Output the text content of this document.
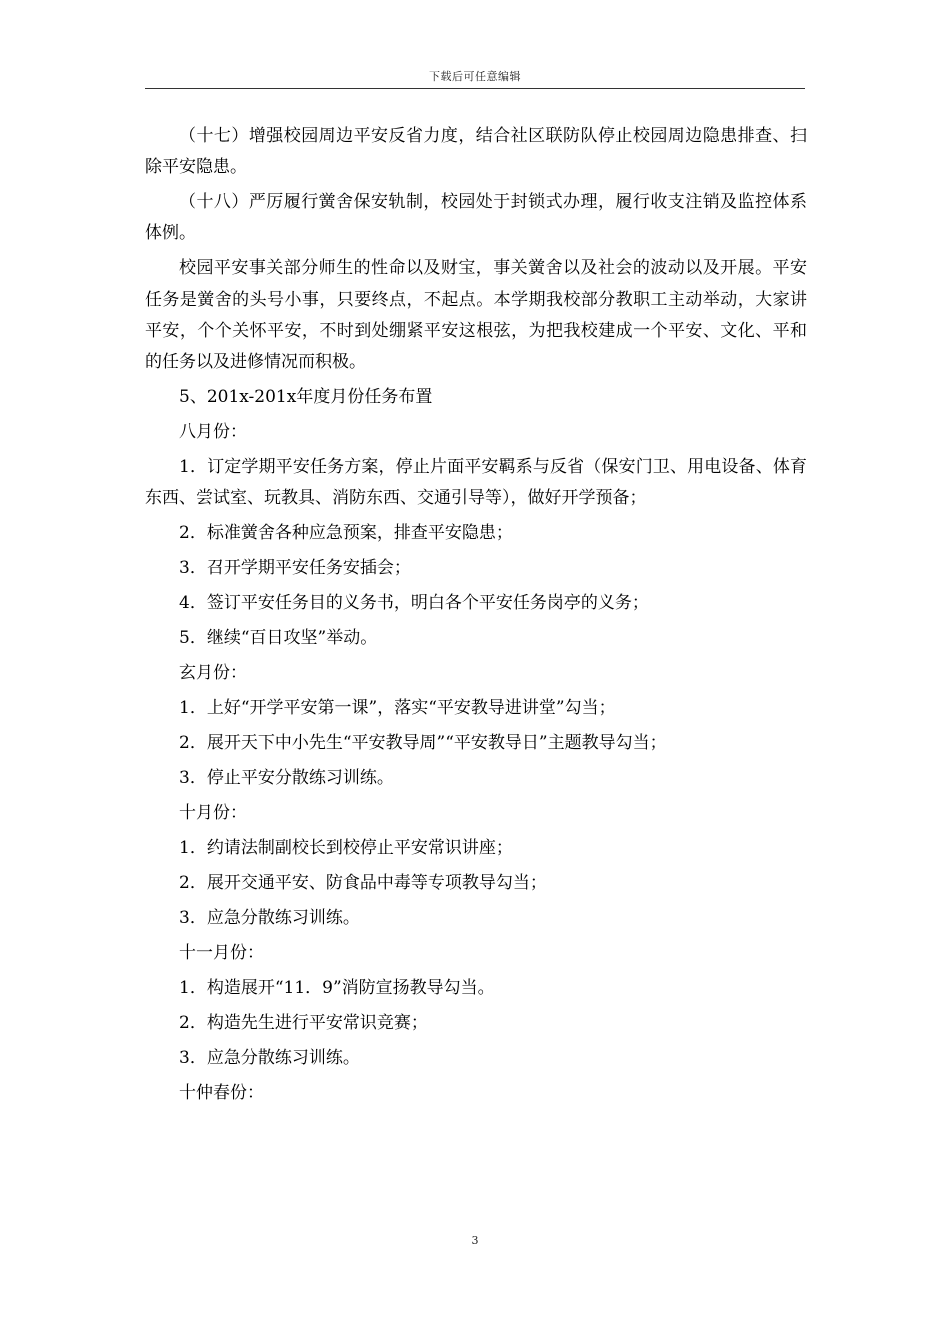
下载后可任意编辑

（十七）增强校园周边平安反省力度，结合社区联防队停止校园周边隐患排查、扫除平安隐患。

（十八）严厉履行黉舍保安轨制，校园处于封锁式办理，履行收支注销及监控体系体例。

校园平安事关部分师生的性命以及财宝，事关黉舍以及社会的波动以及开展。平安任务是黉舍的头号小事，只要终点，不起点。本学期我校部分教职工主动举动，大家讲平安，个个关怀平安，不时到处绷紧平安这根弦，为把我校建成一个平安、文化、平和的任务以及进修情况而积极。

5、201x-201x年度月份任务布置

八月份：

1．订定学期平安任务方案，停止片面平安羁系与反省（保安门卫、用电设备、体育东西、尝试室、玩教具、消防东西、交通引导等），做好开学预备；

2．标准黉舍各种应急预案，排查平安隐患；

3．召开学期平安任务安插会；

4．签订平安任务目的义务书，明白各个平安任务岗亭的义务；

5．继续“百日攻坚”举动。

玄月份：

1．上好“开学平安第一课”，落实“平安教导进讲堂”勾当；

2．展开天下中小先生“平安教导周”“平安教导日”主题教导勾当；

3．停止平安分散练习训练。

十月份：

1．约请法制副校长到校停止平安常识讲座；

2．展开交通平安、防食品中毒等专项教导勾当；

3．应急分散练习训练。

十一月份：

1．构造展开“11．9”消防宣扬教导勾当。

2．构造先生进行平安常识竞赛；

3．应急分散练习训练。

十仲春份：

3
